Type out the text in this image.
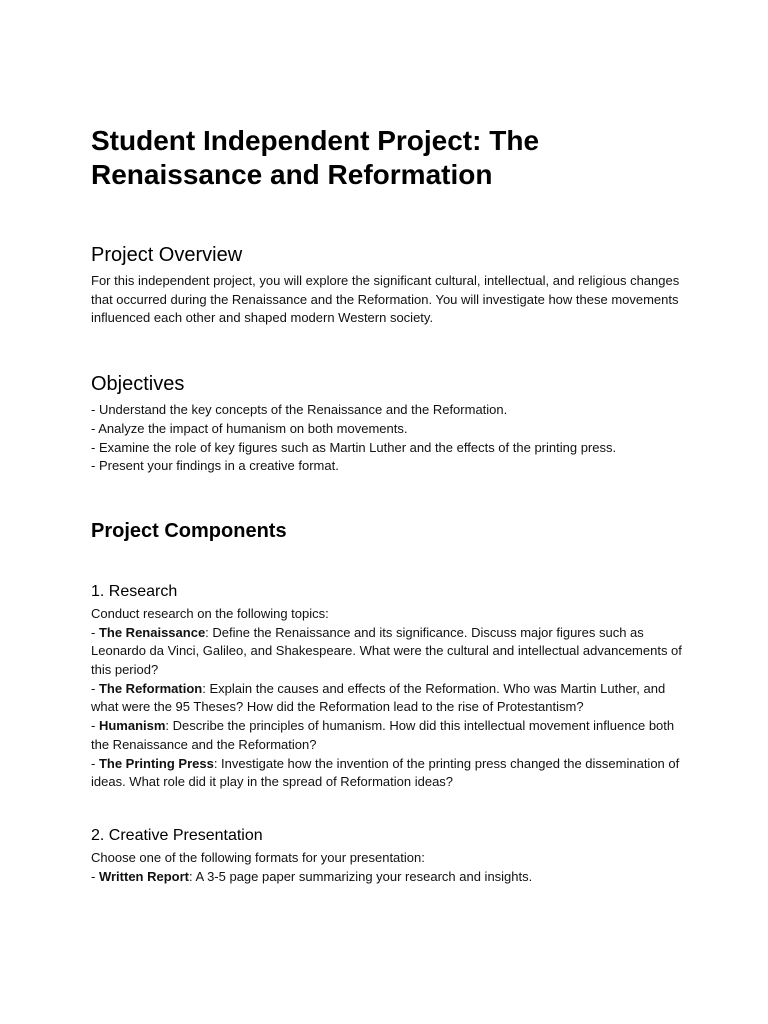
Student Independent Project: The Renaissance and Reformation
Project Overview

For this independent project, you will explore the significant cultural, intellectual, and religious changes that occurred during the Renaissance and the Reformation. You will investigate how these movements influenced each other and shaped modern Western society.

Objectives
- Understand the key concepts of the Renaissance and the Reformation.
- Analyze the impact of humanism on both movements.
- Examine the role of key figures such as Martin Luther and the effects of the printing press.
- Present your findings in a creative format.
Project Components
1. Research

Conduct research on the following topics:

- The Renaissance: Define the Renaissance and its significance. Discuss major figures such as Leonardo da Vinci, Galileo, and Shakespeare. What were the cultural and intellectual advancements of this period?

- The Reformation: Explain the causes and effects of the Reformation. Who was Martin Luther, and what were the 95 Theses? How did the Reformation lead to the rise of Protestantism?

- Humanism: Describe the principles of humanism. How did this intellectual movement influence both the Renaissance and the Reformation?

- The Printing Press: Investigate how the invention of the printing press changed the dissemination of ideas. What role did it play in the spread of Reformation ideas?

2. Creative Presentation

Choose one of the following formats for your presentation:

- Written Report: A 3-5 page paper summarizing your research and insights.
